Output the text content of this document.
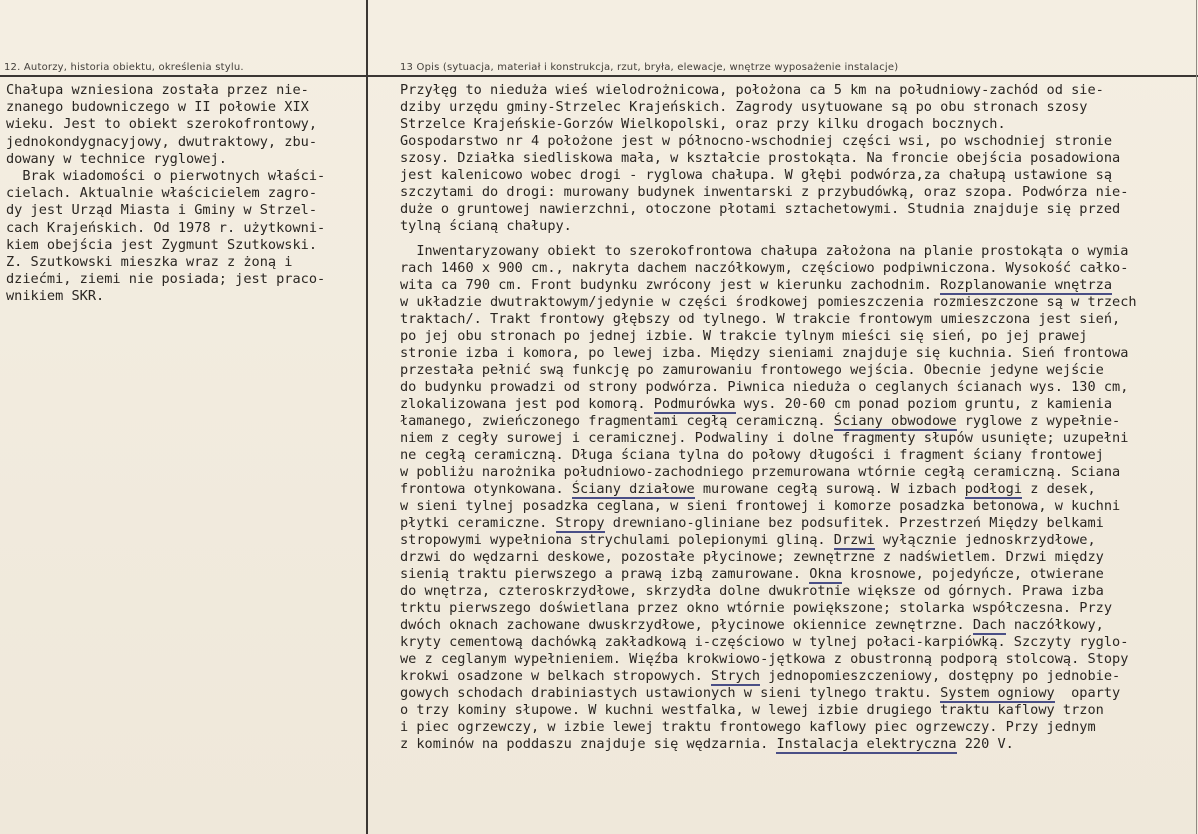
12. Autorzy, historia obiektu, określenia stylu.	13 Opis (sytuacja, materiał i konstrukcja, rzut, bryła, elewacje, wnętrze wyposażenie instalacje)
Chałupa wzniesiona została przez nie-
znanego budowniczego w II połowie XIX
wieku. Jest to obiekt szerokofrontowy,
jednokondygnacyjowy, dwutraktowy, zbu-
dowany w technice ryglowej.
Brak wiadomości o pierwotnych właści-
cielach. Aktualnie właścicielem zagro-
dy jest Urząd Miasta i Gminy w Strzel-
cach Krajeńskich. Od 1978 r. użytkowni-
kiem obejścia jest Zygmunt Szutkowski.
Z. Szutkowski mieszka wraz z żoną i
dziećmi, ziemi nie posiada; jest praco-
wnikiem SKR.
Przyłęg to nieduża wieś wielodrożnicowa, położona ca 5 km na południowy-zachód od sie-
dziby urzędu gminy-Strzelec Krajeńskich. Zagrody usytuowane są po obu stronach szosy
Strzelce Krajeńskie-Gorzów Wielkopolski, oraz przy kilku drogach bocznych.
Gospodarstwo nr 4 położone jest w północno-wschodniej części wsi, po wschodniej stronie
szosy. Działka siedliskowa mała, w kształcie prostokąta. Na froncie obejścia posadowiona
jest kalenicowo wobec drogi - ryglowa chałupa. W głębi podwórza,za chałupą ustawione są
szczytami do drogi: murowany budynek inwentarski z przybudówką, oraz szopa. Podwórza nie-
duże o gruntowej nawierzchni, otoczone płotami sztachetowymi. Studnia znajduje się przed
tylną ścianą chałupy.
Inwentaryzowany obiekt to szerokofrontowa chałupa założona na planie prostokąta o wymia
rach 1460 x 900 cm., nakryta dachem naczółkowym, częściowo podpiwniczona. Wysokość całko-
wita ca 790 cm. Front budynku zwrócony jest w kierunku zachodnim. Rozplanowanie wnętrza
w układzie dwutraktowym/jedynie w części środkowej pomieszczenia rozmieszczone są w trzech
traktach/. Trakt frontowy głębszy od tylnego. W trakcie frontowym umieszczona jest sień,
po jej obu stronach po jednej izbie. W trakcie tylnym mieści się sień, po jej prawej
stronie izba i komora, po lewej izba. Między sieniami znajduje się kuchnia. Sień frontowa
przestała pełnić swą funkcję po zamurowaniu frontowego wejścia. Obecnie jedyne wejście
do budynku prowadzi od strony podwórza. Piwnica nieduża o ceglanych ścianach wys. 130 cm,
zlokalizowana jest pod komorą. Podmurówka wys. 20-60 cm ponad poziom gruntu, z kamienia
łamanego, zwieńczonego fragmentami cegłą ceramiczną. Ściany obwodowe ryglowe z wypełnie-
niem z cegły surowej i ceramicznej. Podwaliny i dolne fragmenty słupów usunięte; uzupełni
ne cegłą ceramiczną. Długa ściana tylna do połowy długości i fragment ściany frontowej
w pobliżu narożnika południowo-zachodniego przemurowana wtórnie cegłą ceramiczną. Sciana
frontowa otynkowana. Ściany działowe murowane cegłą surową. W izbach podłogi z desek,
w sieni tylnej posadzka ceglana, w sieni frontowej i komorze posadzka betonowa, w kuchni
płytki ceramiczne. Stropy drewniano-gliniane bez podsufitek. Przestrzeń Między belkami
stropowymi wypełniona strychulami polepionymi gliną. Drzwi wyłącznie jednoskrzydłowe,
drzwi do wędzarni deskowe, pozostałe płycinowe; zewnętrzne z nadświetlem. Drzwi między
sienią traktu pierwszego a prawą izbą zamurowane. Okna krosnowe, pojedyńcze, otwierane
do wnętrza, czteroskrzydłowe, skrzydła dolne dwukrotnie większe od górnych. Prawa izba
trktu pierwszego doświetlana przez okno wtórnie powiększone; stolarka współczesna. Przy
dwóch oknach zachowane dwuskrzydłowe, płycinowe okiennice zewnętrzne. Dach naczółkowy,
kryty cementową dachówką zakładkową i-częściowo w tylnej połaci-karpiówką. Szczyty ryglo-
we z ceglanym wypełnieniem. Więźba krokwiowo-jętkowa z obustronną podporą stolcową. Stopy
krokwi osadzone w belkach stropowych. Strych jednopomieszczeniowy, dostępny po jednobie-
gowych schodach drabiniastych ustawionych w sieni tylnego traktu. System ogniowy  oparty
o trzy kominy słupowe. W kuchni westfalka, w lewej izbie drugiego traktu kaflowy trzon
i piec ogrzewczy, w izbie lewej traktu frontowego kaflowy piec ogrzewczy. Przy jednym
z kominów na poddaszu znajduje się wędzarnia. Instalacja elektryczna 220 V.
